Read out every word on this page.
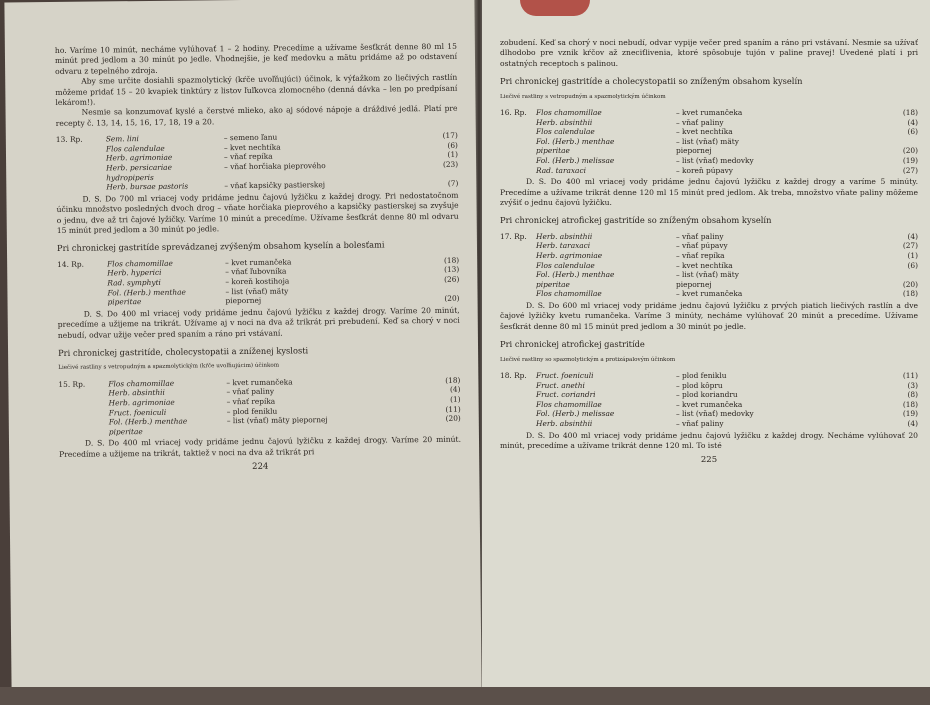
ho. Varíme 10 minút, necháme vylúhovať 1 – 2 hodiny. Precedíme a užívame šesťkrát denne 80 ml 15 minút pred jedlom a 30 minút po jedle. Vhodnejšie, je keď medovku a mätu pridáme až po odstavení odvaru z tepelného zdroja.

Aby sme určite dosiahli spazmolytický (kŕče uvoľňujúci) účinok, k výťažkom zo liečivých rastlín môžeme pridať 15 – 20 kvapiek tinktúry z listov ľuľkovca zlomocného (denná dávka – len po predpísaní lekárom!).

Nesmie sa konzumovať kyslé a čerstvé mlieko, ako aj sódové nápoje a dráždivé jedlá. Platí pre recepty č. 13, 14, 15, 16, 17, 18, 19 a 20.

13. Rp.	Sem. lini	– semeno ľanu	(17)
Flos calendulae	– kvet nechtíka	(6)
Herb. agrimoniae	– vňať repíka	(1)
Herb. persicariae	– vňať horčiaka pieprového	(23)
hydropiperis
Herb. bursae pastoris	– vňať kapsičky pastierskej	(7)

D. S. Do 700 ml vriacej vody pridáme jednu čajovú lyžičku z každej drogy. Pri nedostatočnom účinku množstvo posledných dvoch drog – vňate horčiaka pieprového a kapsičky pastierskej sa zvyšuje o jednu, dve až tri čajové lyžičky. Varíme 10 minút a precedíme. Užívame šesťkrát denne 80 ml odvaru 15 minút pred jedlom a 30 minút po jedle.

Pri chronickej gastritíde sprevádzanej zvýšeným obsahom kyselín a bolesťami

14. Rp.	Flos chamomillae	– kvet rumančeka	(18)
Herb. hyperici	– vňať ľubovníka	(13)
Rad. symphyti	– koreň kostihoja	(26)
Fol. (Herb.) menthae	– list (vňať) mäty
piperitae	piepornej	(20)

D. S. Do 400 ml vriacej vody pridáme jednu čajovú lyžičku z každej drogy. Varíme 20 minút, precedíme a užijeme na trikrát. Užívame aj v noci na dva až trikrát pri prebudení. Keď sa chorý v noci nebudí, odvar užije večer pred spaním a ráno pri vstávaní.

Pri chronickej gastritíde, cholecystopatii a zníženej kyslosti

Liečivé rastliny s vetropudným a spazmolytickým (kŕče uvoľňujúcim) účinkom

15. Rp.	Flos chamomillae	– kvet rumančeka	(18)
Herb. absinthii	– vňať paliny	(4)
Herb. agrimoniae	– vňať repíka	(1)
Fruct. foeniculi	– plod feniklu	(11)
Fol. (Herb.) menthae	– list (vňať) mäty piepornej	(20)
piperitae

D. S. Do 400 ml vriacej vody pridáme jednu čajovú lyžičku z každej drogy. Varíme 20 minút. Precedíme a užijeme na trikrát, taktiež v noci na dva až trikrát pri

224

zobudení. Keď sa chorý v noci nebudí, odvar vypije večer pred spaním a ráno pri vstávaní. Nesmie sa užívať dlhodobo pre vznik kŕčov až zneciťlivenia, ktoré spôsobuje tujón v palinе pravej! Uvedené platí i pri ostatných receptoch s palinou.

Pri chronickej gastritíde a cholecystopatii so zníženým obsahom kyselín

Liečivé rastliny s vetropudným a spazmolytickým účinkom

16. Rp.	Flos chamomillae	– kvet rumančeka	(18)
Herb. absinthii	– vňať paliny	(4)
Flos calendulae	– kvet nechtíka	(6)
Fol. (Herb.) menthae	– list (vňať) mäty
piperitae	piepornej	(20)
Fol. (Herb.) melissae	– list (vňať) medovky	(19)
Rad. taraxaci	– koreň púpavy	(27)

D. S. Do 400 ml vriacej vody pridáme jednu čajovú lyžičku z každej drogy a varíme 5 minúty. Precedíme a užívame trikrát denne 120 ml 15 minút pred jedlom. Ak treba, množstvo vňate paliny môžeme zvýšiť o jednu čajovú lyžičku.

Pri chronickej atrofickej gastritíde so zníženým obsahom kyselín

17. Rp.	Herb. absinthii	– vňať paliny	(4)
Herb. taraxaci	– vňať púpavy	(27)
Herb. agrimoniae	– vňať repíka	(1)
Flos calendulae	– kvet nechtíka	(6)
Fol. (Herb.) menthae	– list (vňať) mäty
piperitae	piepornej	(20)
Flos chamomillae	– kvet rumančeka	(18)

D. S. Do 600 ml vriacej vody pridáme jednu čajovú lyžičku z prvých piatich liečivých rastlín a dve čajové lyžičky kvetu rumančeka. Varíme 3 minúty, necháme vylúhovať 20 minút a precedíme. Užívame šesťkrát denne 80 ml 15 minút pred jedlom a 30 minút po jedle.

Pri chronickej atrofickej gastritíde

Liečivé rastliny so spazmolytickým a protizápalovým účinkom

18. Rp.	Fruct. foeniculi	– plod feniklu	(11)
Fruct. anethi	– plod kôpru	(3)
Fruct. coriandri	– plod koriandru	(8)
Flos chamomillae	– kvet rumančeka	(18)
Fol. (Herb.) melissae	– list (vňať) medovky	(19)
Herb. absinthii	– vňať paliny	(4)

D. S. Do 400 ml vriacej vody pridáme jednu čajovú lyžičku z každej drogy. Necháme vylúhovať 20 minút, precedíme a užívame trikrát denne 120 ml. To isté

225
